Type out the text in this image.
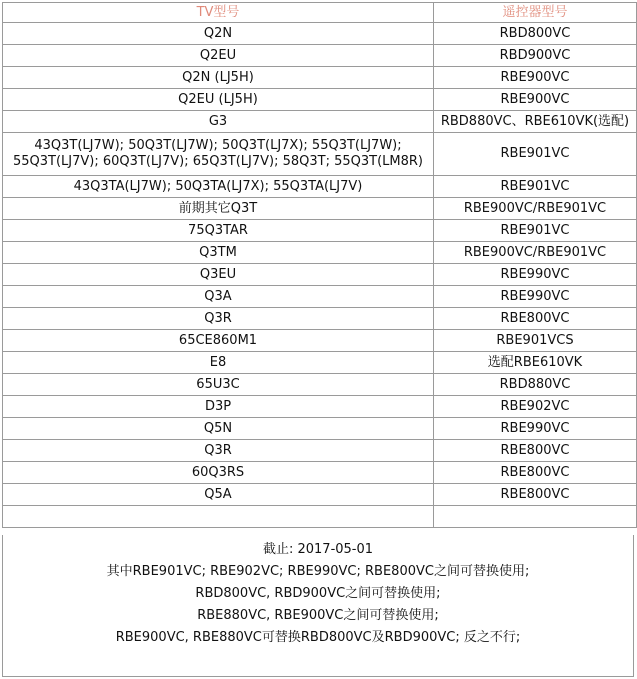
TV型号	遥控器型号

Q2N	RBD800VC

Q2EU	RBD900VC

Q2N (LJ5H)	RBE900VC

Q2EU (LJ5H)	RBE900VC

G3	RBD880VC、RBE610VK(选配)

43Q3T(LJ7W); 50Q3T(LJ7W); 50Q3T(LJ7X); 55Q3T(LJ7W);
55Q3T(LJ7V); 60Q3T(LJ7V); 65Q3T(LJ7V); 58Q3T; 55Q3T(LM8R)	RBE901VC

43Q3TA(LJ7W); 50Q3TA(LJ7X); 55Q3TA(LJ7V)	RBE901VC

前期其它Q3T	RBE900VC/RBE901VC

75Q3TAR	RBE901VC

Q3TM	RBE900VC/RBE901VC

Q3EU	RBE990VC

Q3A	RBE990VC

Q3R	RBE800VC

65CE860M1	RBE901VCS

E8	选配RBE610VK

65U3C	RBD880VC

D3P	RBE902VC

Q5N	RBE990VC

Q3R	RBE800VC

60Q3RS	RBE800VC

Q5A	RBE800VC

截止: 2017-05-01
其中RBE901VC; RBE902VC; RBE990VC; RBE800VC之间可替换使用;
RBD800VC, RBD900VC之间可替换使用;
RBE880VC, RBE900VC之间可替换使用;
RBE900VC, RBE880VC可替换RBD800VC及RBD900VC; 反之不行;
